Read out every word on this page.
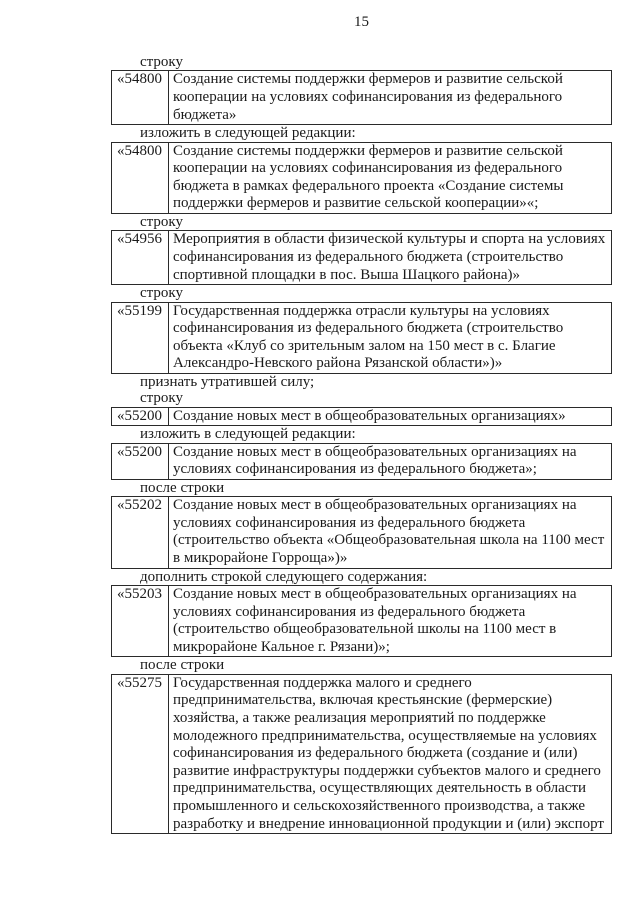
15
строку
«54800 Создание системы поддержки фермеров и развитие сельской
кооперации на условиях софинансирования из федерального
бюджета»
изложить в следующей редакции:
«54800 Создание системы поддержки фермеров и развитие сельской
кооперации на условиях софинансирования из федерального
бюджета в рамках федерального проекта «Создание системы
поддержки фермеров и развитие сельской кооперации»«;
строку
«54956 Мероприятия в области физической культуры и спорта на условиях
софинансирования из федерального бюджета (строительство
спортивной площадки в пос. Выша Шацкого района)»
строку
«55199 Государственная поддержка отрасли культуры на условиях
софинансирования из федерального бюджета (строительство
объекта «Клуб со зрительным залом на 150 мест в с. Благие
Александро-Невского района Рязанской области»)»
признать утратившей силу;
строку
«55200 Создание новых мест в общеобразовательных организациях»
изложить в следующей редакции:
«55200 Создание новых мест в общеобразовательных организациях на
условиях софинансирования из федерального бюджета»;
после строки
«55202 Создание новых мест в общеобразовательных организациях на
условиях софинансирования из федерального бюджета
(строительство объекта «Общеобразовательная школа на 1100 мест
в микрорайоне Горроща»)»
дополнить строкой следующего содержания:
«55203 Создание новых мест в общеобразовательных организациях на
условиях софинансирования из федерального бюджета
(строительство общеобразовательной школы на 1100 мест в
микрорайоне Кальное г. Рязани)»;
после строки
«55275 Государственная поддержка малого и среднего
предпринимательства, включая крестьянские (фермерские)
хозяйства, а также реализация мероприятий по поддержке
молодежного предпринимательства, осуществляемые на условиях
софинансирования из федерального бюджета (создание и (или)
развитие инфраструктуры поддержки субъектов малого и среднего
предпринимательства, осуществляющих деятельность в области
промышленного и сельскохозяйственного производства, а также
разработку и внедрение инновационной продукции и (или) экспорт
